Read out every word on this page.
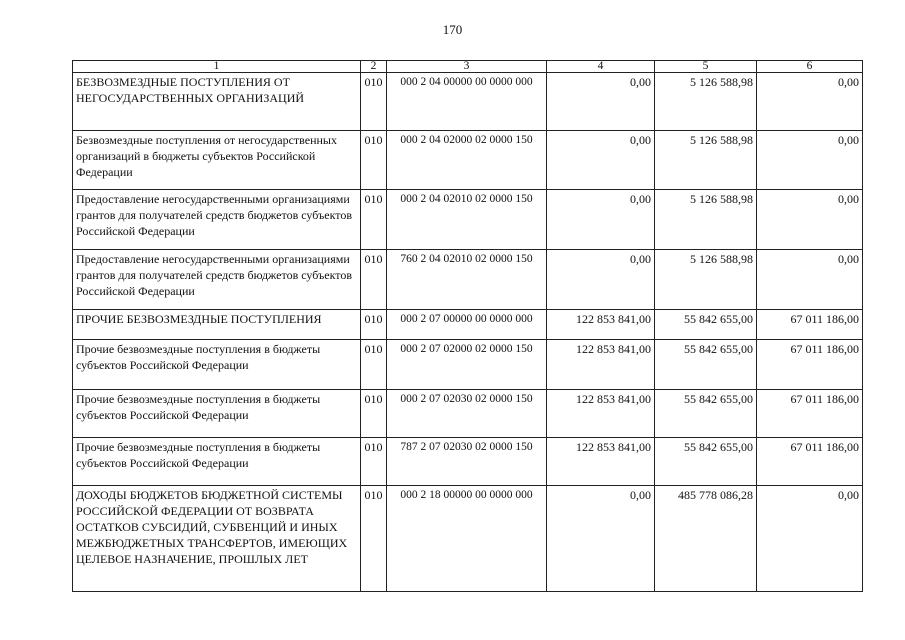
170
1	2	3	4	5	6
БЕЗВОЗМЕЗДНЫЕ ПОСТУПЛЕНИЯ ОТ НЕГОСУДАРСТВЕННЫХ ОРГАНИЗАЦИЙ	010	000 2 04 00000 00 0000 000	0,00	5 126 588,98	0,00
Безвозмездные поступления от негосударственных организаций в бюджеты субъектов Российской Федерации	010	000 2 04 02000 02 0000 150	0,00	5 126 588,98	0,00
Предоставление негосударственными организациями грантов для получателей средств бюджетов субъектов Российской Федерации	010	000 2 04 02010 02 0000 150	0,00	5 126 588,98	0,00
Предоставление негосударственными организациями грантов для получателей средств бюджетов субъектов Российской Федерации	010	760 2 04 02010 02 0000 150	0,00	5 126 588,98	0,00
ПРОЧИЕ БЕЗВОЗМЕЗДНЫЕ ПОСТУПЛЕНИЯ	010	000 2 07 00000 00 0000 000	122 853 841,00	55 842 655,00	67 011 186,00
Прочие безвозмездные поступления в бюджеты субъектов Российской Федерации	010	000 2 07 02000 02 0000 150	122 853 841,00	55 842 655,00	67 011 186,00
Прочие безвозмездные поступления в бюджеты субъектов Российской Федерации	010	000 2 07 02030 02 0000 150	122 853 841,00	55 842 655,00	67 011 186,00
Прочие безвозмездные поступления в бюджеты субъектов Российской Федерации	010	787 2 07 02030 02 0000 150	122 853 841,00	55 842 655,00	67 011 186,00
ДОХОДЫ БЮДЖЕТОВ БЮДЖЕТНОЙ СИСТЕМЫ РОССИЙСКОЙ ФЕДЕРАЦИИ ОТ ВОЗВРАТА ОСТАТКОВ СУБСИДИЙ, СУБВЕНЦИЙ И ИНЫХ МЕЖБЮДЖЕТНЫХ ТРАНСФЕРТОВ, ИМЕЮЩИХ ЦЕЛЕВОЕ НАЗНАЧЕНИЕ, ПРОШЛЫХ ЛЕТ	010	000 2 18 00000 00 0000 000	0,00	485 778 086,28	0,00
